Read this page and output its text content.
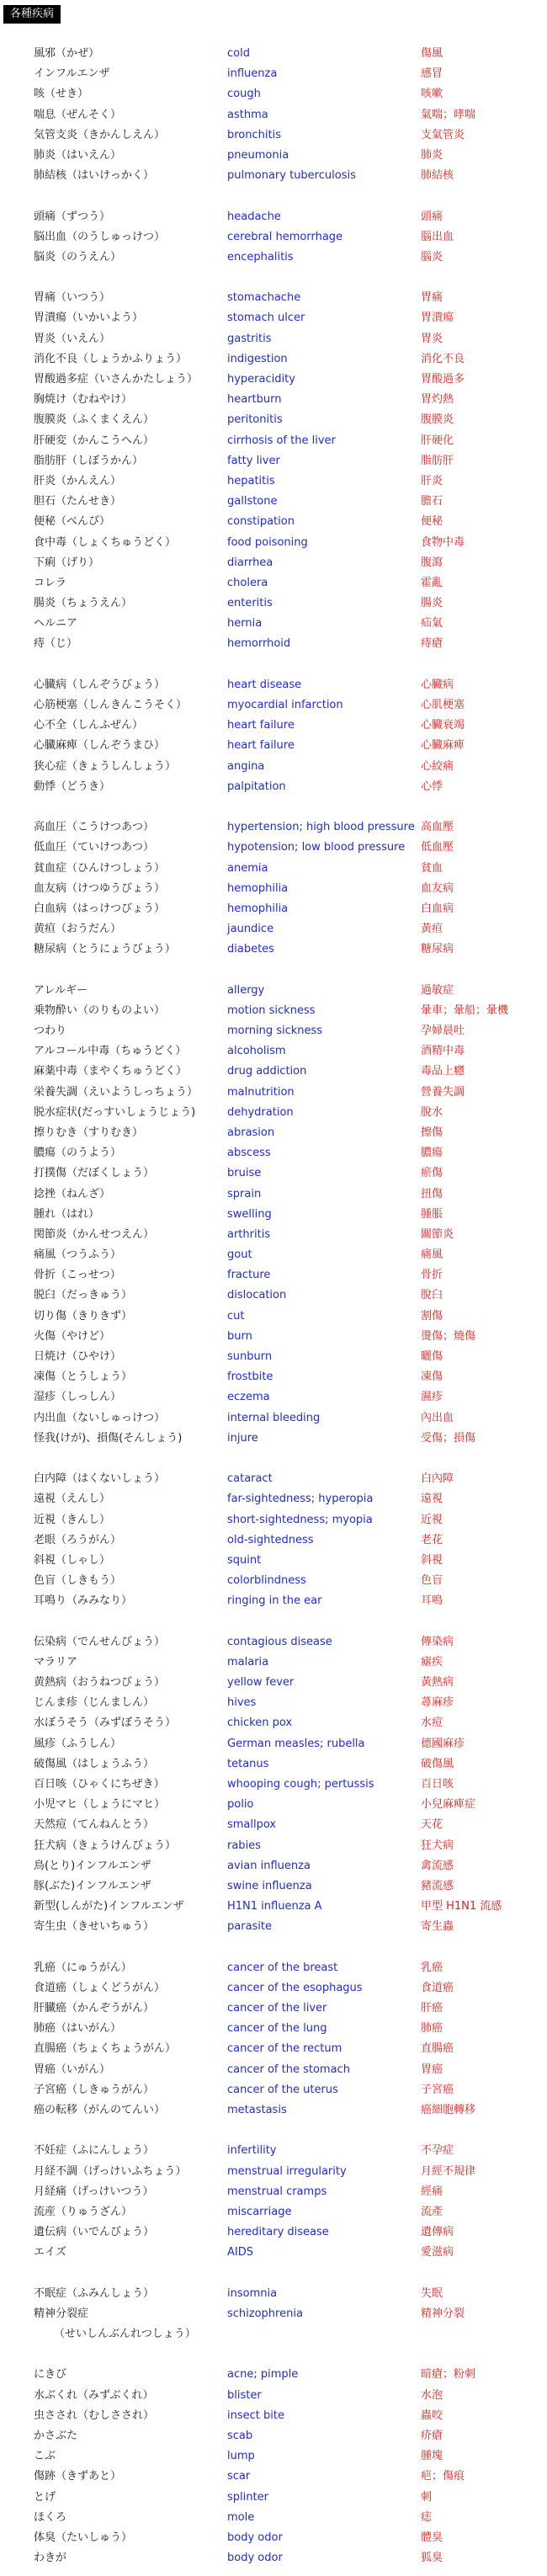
各種疾病
風邪（かぜ）	cold	傷風
インフルエンザ	influenza	感冒
咳（せき）	cough	咳嗽
喘息（ぜんそく）	asthma	氣喘；哮喘
気管支炎（きかんしえん）	bronchitis	支氣管炎
肺炎（はいえん）	pneumonia	肺炎
肺結核（はいけっかく）	pulmonary tuberculosis	肺結核
頭痛（ずつう）	headache	頭痛
脳出血（のうしゅっけつ）	cerebral hemorrhage	腦出血
脳炎（のうえん）	encephalitis	腦炎
胃痛（いつう）	stomachache	胃痛
胃潰瘍（いかいよう）	stomach ulcer	胃潰瘍
胃炎（いえん）	gastritis	胃炎
消化不良（しょうかふりょう）	indigestion	消化不良
胃酸過多症（いさんかたしょう）	hyperacidity	胃酸過多
胸焼け（むねやけ）	heartburn	胃灼熱
腹膜炎（ふくまくえん）	peritonitis	腹膜炎
肝硬変（かんこうへん）	cirrhosis of the liver	肝硬化
脂肪肝（しぼうかん）	fatty liver	脂肪肝
肝炎（かんえん）	hepatitis	肝炎
胆石（たんせき）	gallstone	膽石
便秘（べんぴ）	constipation	便秘
食中毒（しょくちゅうどく）	food poisoning	食物中毒
下痢（げり）	diarrhea	腹瀉
コレラ	cholera	霍亂
腸炎（ちょうえん）	enteritis	腸炎
ヘルニア	hernia	疝氣
痔（じ）	hemorrhoid	痔瘡
心臓病（しんぞうびょう）	heart disease	心臟病
心筋梗塞（しんきんこうそく）	myocardial infarction	心肌梗塞
心不全（しんふぜん）	heart failure	心臟衰竭
心臓麻痺（しんぞうまひ）	heart failure	心臟麻痺
狭心症（きょうしんしょう）	angina	心絞痛
動悸（どうき）	palpitation	心悸
高血圧（こうけつあつ）	hypertension; high blood pressure 高血壓
低血圧（ていけつあつ）	hypotension; low blood pressure 低血壓
貧血症（ひんけつしょう）	anemia	貧血
血友病（けつゆうびょう）	hemophilia	血友病
白血病（はっけつびょう）	hemophilia	白血病
黄疸（おうだん）	jaundice	黃疸
糖尿病（とうにょうびょう）	diabetes	糖尿病
アレルギー	allergy	過敏症
乗物酔い（のりものよい）	motion sickness	暈車；暈船；暈機
つわり	morning sickness	孕婦晨吐
アルコール中毒（ちゅうどく）	alcoholism	酒精中毒
麻薬中毒（まやくちゅうどく）	drug addiction	毒品上癮
栄養失調（えいようしっちょう）	malnutrition	營養失調
脱水症状(だっすいしょうじょう)	dehydration	脫水
擦りむき（すりむき）	abrasion	擦傷
膿瘍（のうよう）	abscess	膿瘍
打撲傷（だぼくしょう）	bruise	瘀傷
捻挫（ねんざ）	sprain	扭傷
腫れ（はれ）	swelling	腫脹
関節炎（かんせつえん）	arthritis	關節炎
痛風（つうふう）	gout	痛風
骨折（こっせつ）	fracture	骨折
脱臼（だっきゅう）	dislocation	脫臼
切り傷（きりきず）	cut	割傷
火傷（やけど）	burn	燙傷；燒傷
日焼け（ひやけ）	sunburn	曬傷
凍傷（とうしょう）	frostbite	凍傷
湿疹（しっしん）	eczema	濕疹
内出血（ないしゅっけつ）	internal bleeding	內出血
怪我(けが)、損傷(そんしょう)	injure	受傷；損傷
白内障（はくないしょう）	cataract	白內障
遠視（えんし）	far-sightedness; hyperopia	遠視
近視（きんし）	short-sightedness; myopia	近視
老眼（ろうがん）	old-sightedness	老花
斜視（しゃし）	squint	斜視
色盲（しきもう）	colorblindness	色盲
耳鳴り（みみなり）	ringing in the ear	耳鳴
伝染病（でんせんびょう）	contagious disease	傳染病
マラリア	malaria	瘧疾
黄熱病（おうねつびょう）	yellow fever	黃熱病
じんま疹（じんましん）	hives	蕁麻疹
水ぼうそう（みずぼうそう）	chicken pox	水痘
風疹（ふうしん）	German measles; rubella	德國麻疹
破傷風（はしょうふう）	tetanus	破傷風
百日咳（ひゃくにちぜき）	whooping cough; pertussis	百日咳
小児マヒ（しょうにマヒ）	polio	小兒麻痺症
天然痘（てんねんとう）	smallpox	天花
狂犬病（きょうけんびょう）	rabies	狂犬病
鳥(とり)インフルエンザ	avian influenza	禽流感
豚(ぶた)インフルエンザ	swine influenza	豬流感
新型(しんがた)インフルエンザ	H1N1 influenza A	甲型 H1N1 流感
寄生虫（きせいちゅう）	parasite	寄生蟲
乳癌（にゅうがん）	cancer of the breast	乳癌
食道癌（しょくどうがん）	cancer of the esophagus	食道癌
肝臓癌（かんぞうがん）	cancer of the liver	肝癌
肺癌（はいがん）	cancer of the lung	肺癌
直腸癌（ちょくちょうがん）	cancer of the rectum	直腸癌
胃癌（いがん）	cancer of the stomach	胃癌
子宮癌（しきゅうがん）	cancer of the uterus	子宮癌
癌の転移（がんのてんい）	metastasis	癌細胞轉移
不妊症（ふにんしょう）	infertility	不孕症
月経不調（げっけいふちょう）	menstrual irregularity	月經不規律
月経痛（げっけいつう）	menstrual cramps	經痛
流産（りゅうざん）	miscarriage	流產
遺伝病（いでんびょう）	hereditary disease	遺傳病
エイズ	AIDS	愛滋病
不眠症（ふみんしょう）	insomnia	失眠
精神分裂症	schizophrenia	精神分裂
（せいしんぶんれつしょう）
にきび	acne; pimple	暗瘡；粉刺
水ぶくれ（みずぶくれ）	blister	水泡
虫さされ（むしさされ）	insect bite	蟲咬
かさぶた	scab	疥瘡
こぶ	lump	腫塊
傷跡（きずあと）	scar	疤；傷痕
とげ	splinter	刺
ほくろ	mole	痣
体臭（たいしゅう）	body odor	體臭
わきが	body odor	狐臭
